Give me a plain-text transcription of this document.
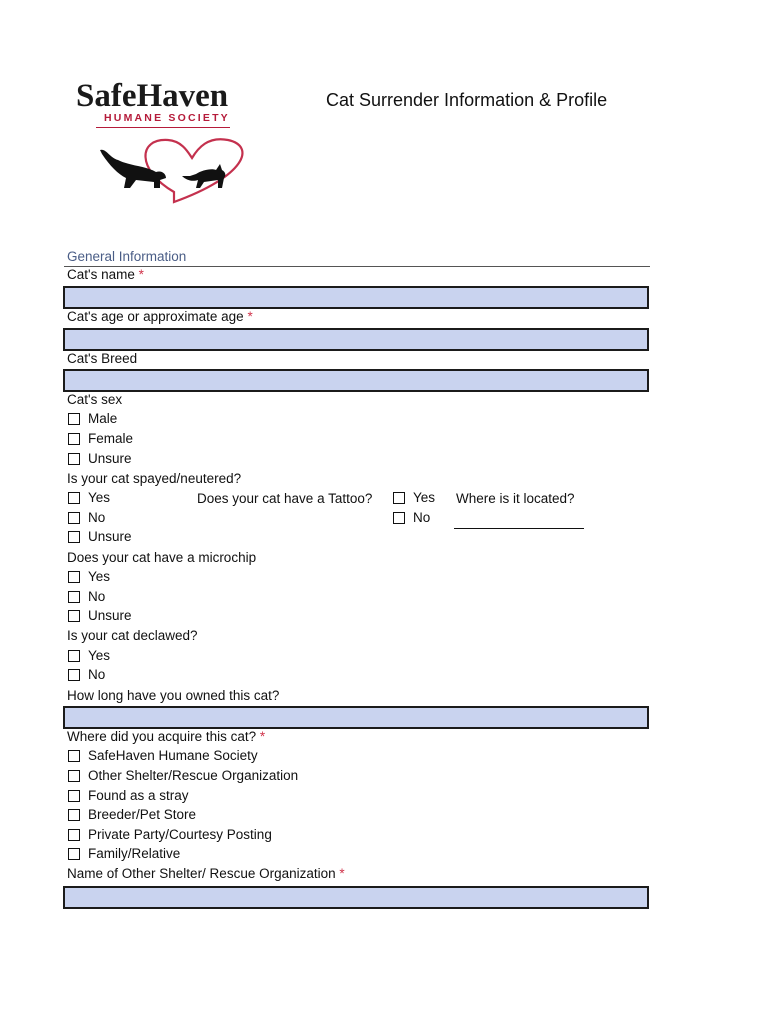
SafeHaven
HUMANE SOCIETY
Cat Surrender Information & Profile
General Information
Cat's name *
Cat's age or approximate age *
Cat's Breed
Cat's sex
Male
Female
Unsure
Is your cat spayed/neutered?
Yes
No
Unsure
Does your cat have a Tattoo?	Yes
No
Where is it located?
Does your cat have a microchip
Yes
No
Unsure
Is your cat declawed?
Yes
No
How long have you owned this cat?
Where did you acquire this cat? *
SafeHaven Humane Society
Other Shelter/Rescue Organization
Found as a stray
Breeder/Pet Store
Private Party/Courtesy Posting
Family/Relative
Name of Other Shelter/ Rescue Organization *
